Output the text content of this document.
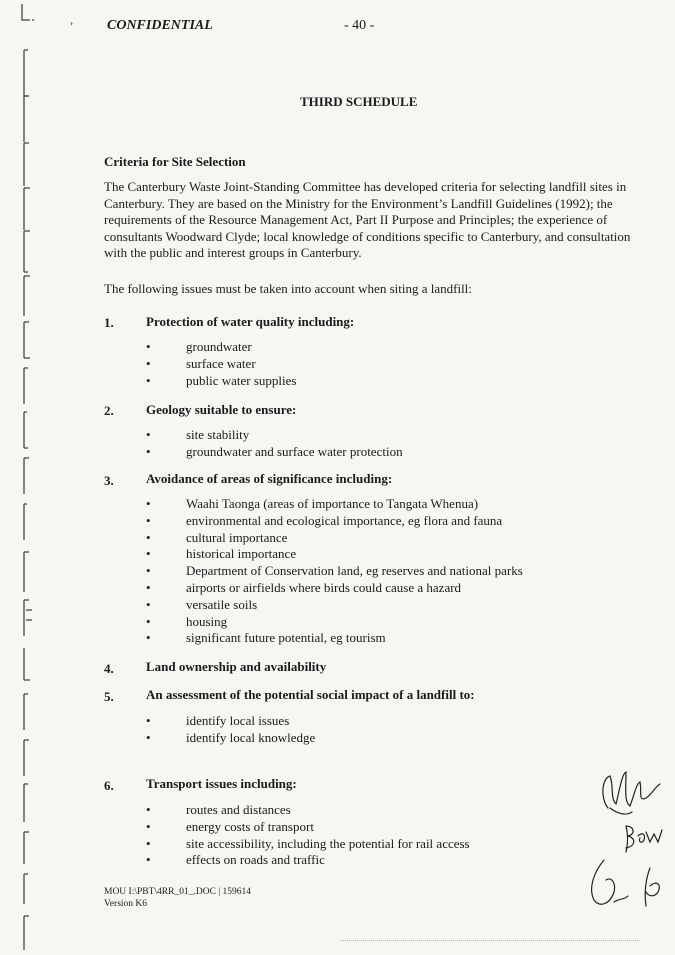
› CONFIDENTIAL	- 40 -
THIRD SCHEDULE
Criteria for Site Selection
The Canterbury Waste Joint-Standing Committee has developed criteria for selecting landfill sites in Canterbury. They are based on the Ministry for the Environment’s Landfill Guidelines (1992); the requirements of the Resource Management Act, Part II Purpose and Principles; the experience of consultants Woodward Clyde; local knowledge of conditions specific to Canterbury, and consultation with the public and interest groups in Canterbury.
The following issues must be taken into account when siting a landfill:
1. Protection of water quality including:
• groundwater
• surface water
• public water supplies
2. Geology suitable to ensure:
• site stability
• groundwater and surface water protection
3. Avoidance of areas of significance including:
• Waahi Taonga (areas of importance to Tangata Whenua)
• environmental and ecological importance, eg flora and fauna
• cultural importance
• historical importance
• Department of Conservation land, eg reserves and national parks
• airports or airfields where birds could cause a hazard
• versatile soils
• housing
• significant future potential, eg tourism
4. Land ownership and availability
5. An assessment of the potential social impact of a landfill to:
• identify local issues
• identify local knowledge
6. Transport issues including:
• routes and distances
• energy costs of transport
• site accessibility, including the potential for rail access
• effects on roads and traffic
MOU I:\PBT\4RR_01_.DOC | 159614
Version K6
